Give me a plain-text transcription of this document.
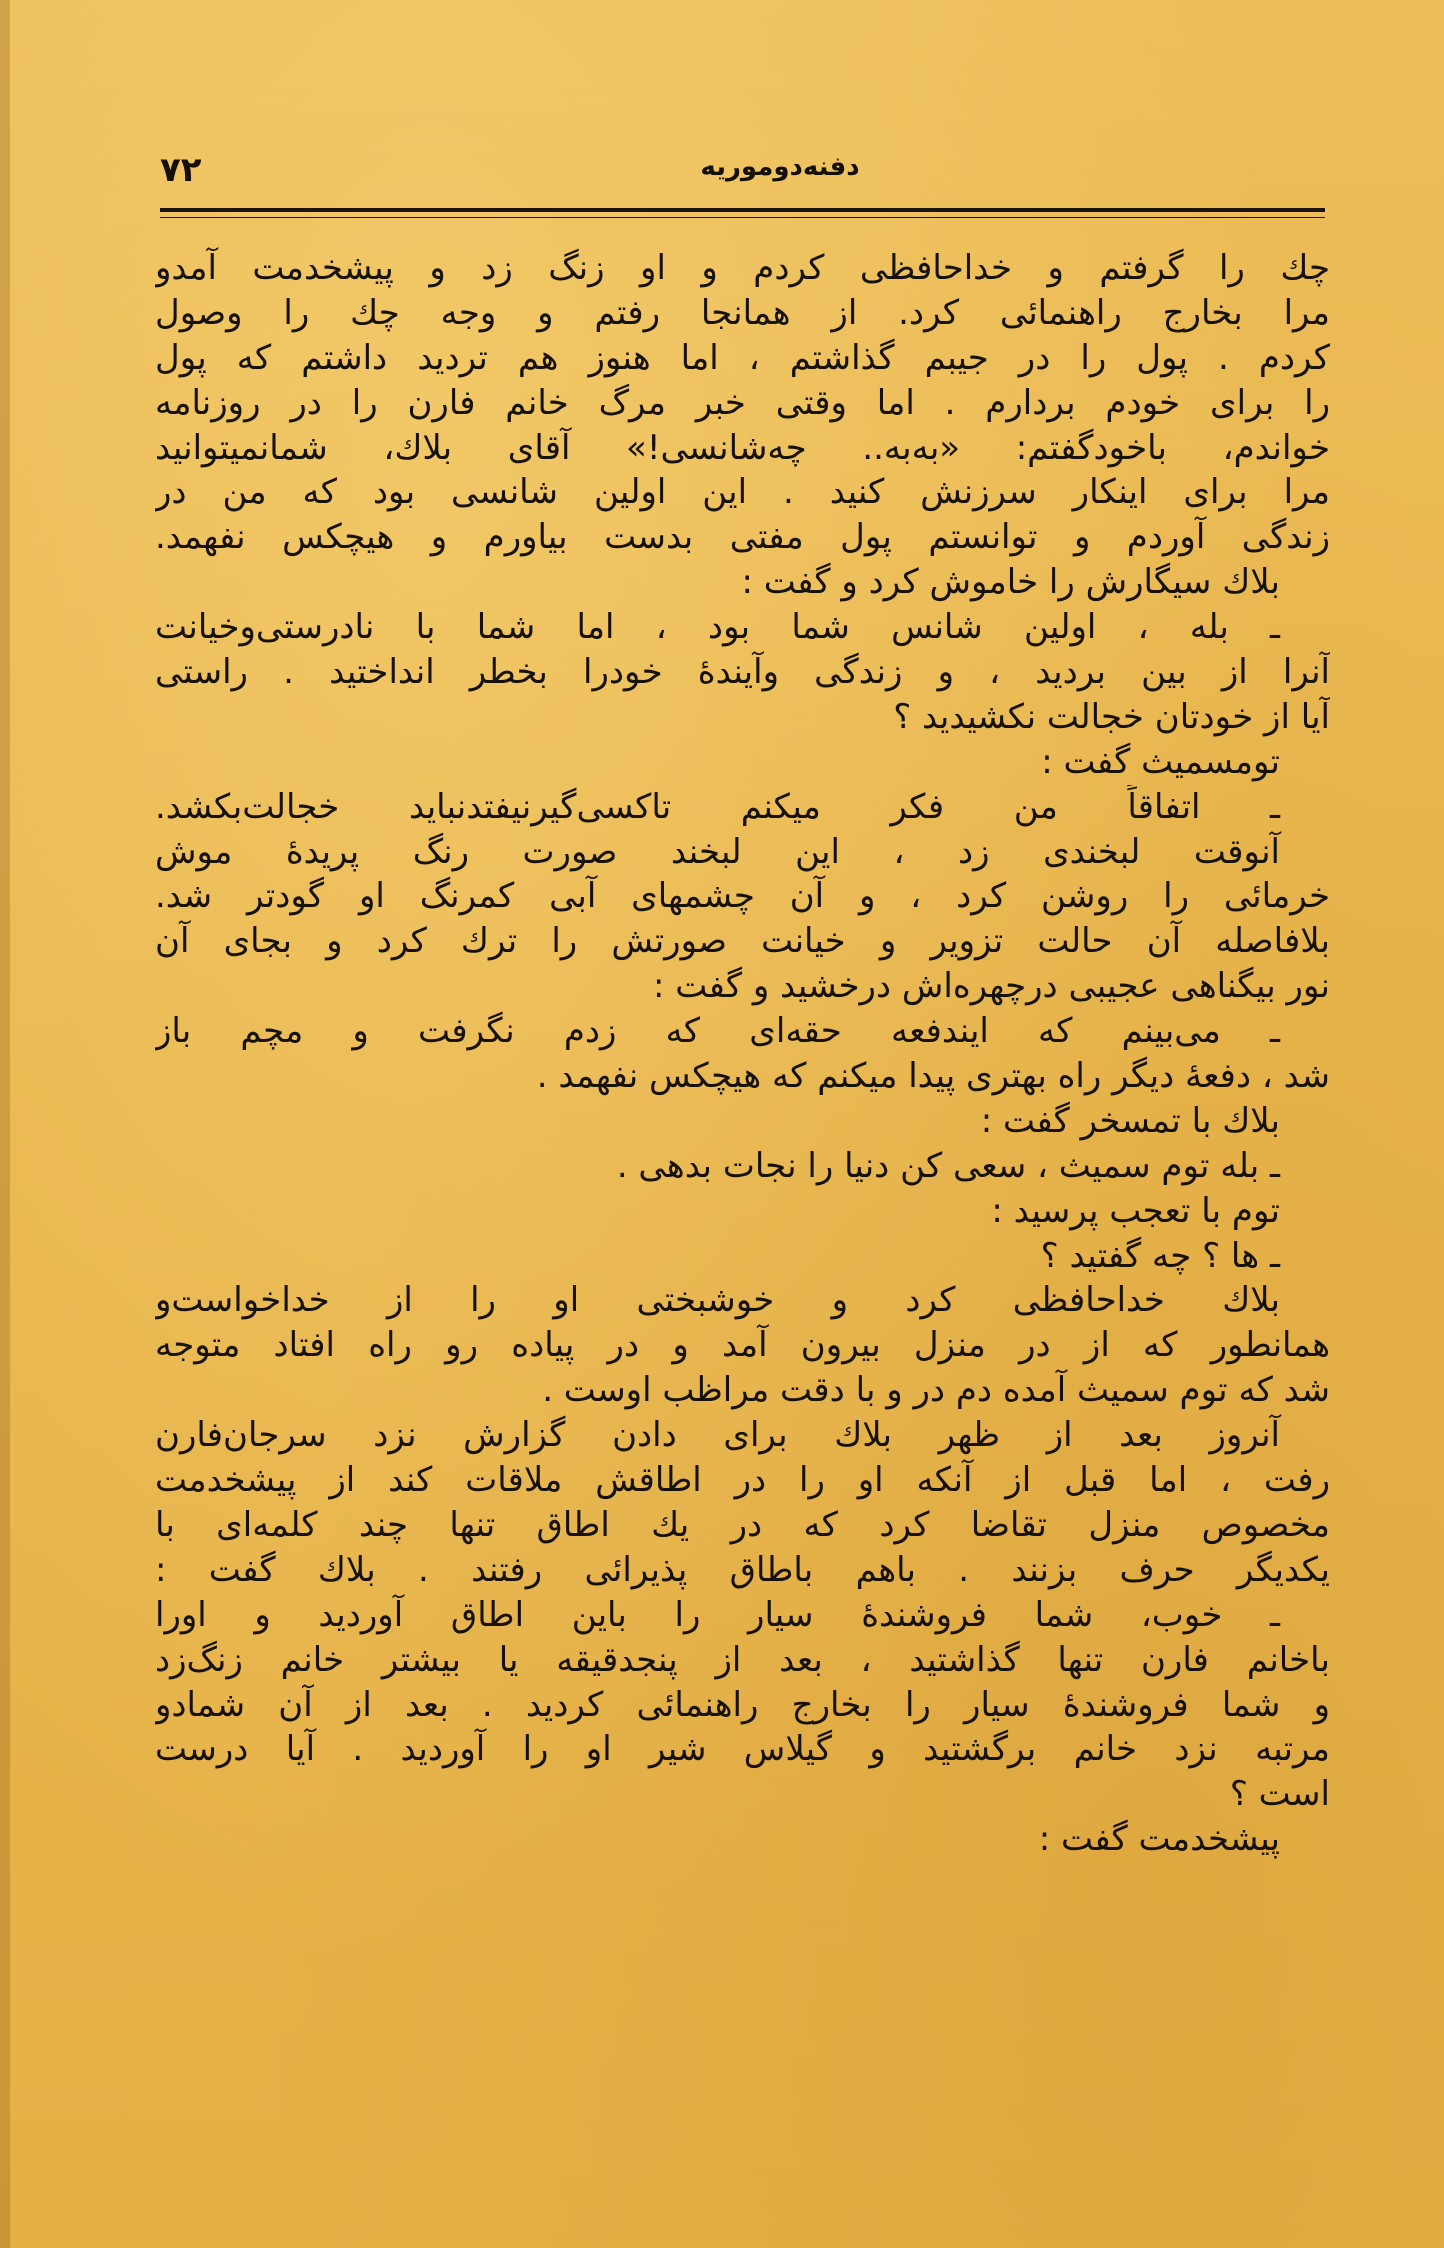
۷۲	دفنه‌دوموریه
چك را گرفتم و خداحافظی کردم و او زنگ زد و پیشخدمت آمدو
مرا بخارج راهنمائی کرد. از همانجا رفتم و وجه چك را وصول
کردم . پول را در جیبم گذاشتم ، اما هنوز هم تردید داشتم که پول
را برای خودم بردارم . اما وقتی خبر مرگ خانم فارن را در روزنامه
خواندم، باخودگفتم: «به‌به.. چه‌شانسی!» آقای بلاك، شمانمیتوانید
مرا برای اینکار سرزنش کنید . این اولین شانسی بود که من در
زندگی آوردم و توانستم پول مفتی بدست بیاورم و هیچکس نفهمد.
بلاك سیگارش را خاموش کرد و گفت :
ـ بله ، اولین شانس شما بود ، اما شما با نادرستی‌وخیانت
آنرا از بین بردید ، و زندگی وآیندهٔ خودرا بخطر انداختید . راستی
آیا از خودتان خجالت نکشیدید ؟
تومسمیث گفت :
ـ اتفاقاً من فکر میکنم تاکسی‌گیرنیفتدنباید خجالت‌بکشد.
آنوقت لبخندی زد ، این لبخند صورت رنگ پریدهٔ موش
خرمائی را روشن کرد ، و آن چشمهای آبی کمرنگ او گودتر شد.
بلافاصله آن حالت تزویر و خیانت صورتش را ترك کرد و بجای آن
نور بیگناهی عجیبی درچهره‌اش درخشید و گفت :
ـ می‌بینم که ایندفعه حقه‌ای که زدم نگرفت و مچم باز
شد ، دفعهٔ دیگر راه بهتری پیدا میکنم که هیچکس نفهمد .
بلاك با تمسخر گفت :
ـ بله توم سمیث ، سعی کن دنیا را نجات بدهی .
توم با تعجب پرسید :
ـ ها ؟ چه گفتید ؟
بلاك خداحافظی کرد و خوشبختی او را از خداخواست‌و
همانطور که از در منزل بیرون آمد و در پیاده رو راه افتاد متوجه
شد که توم سمیث آمده دم در و با دقت مراظب اوست .
آنروز بعد از ظهر بلاك برای دادن گزارش نزد سرجان‌فارن
رفت ، اما قبل از آنکه او را در اطاقش ملاقات کند از پیشخدمت
مخصوص منزل تقاضا کرد که در یك اطاق تنها چند کلمه‌ای با
یکدیگر حرف بزنند . باهم باطاق پذیرائی رفتند . بلاك گفت :
ـ خوب، شما فروشندهٔ سیار را باین اطاق آوردید و اورا
باخانم فارن تنها گذاشتید ، بعد از پنجدقیقه یا بیشتر خانم زنگ‌زد
و شما فروشندهٔ سیار را بخارج راهنمائی کردید . بعد از آن شمادو
مرتبه نزد خانم برگشتید و گیلاس شیر او را آوردید . آیا درست
است ؟
پیشخدمت گفت :
